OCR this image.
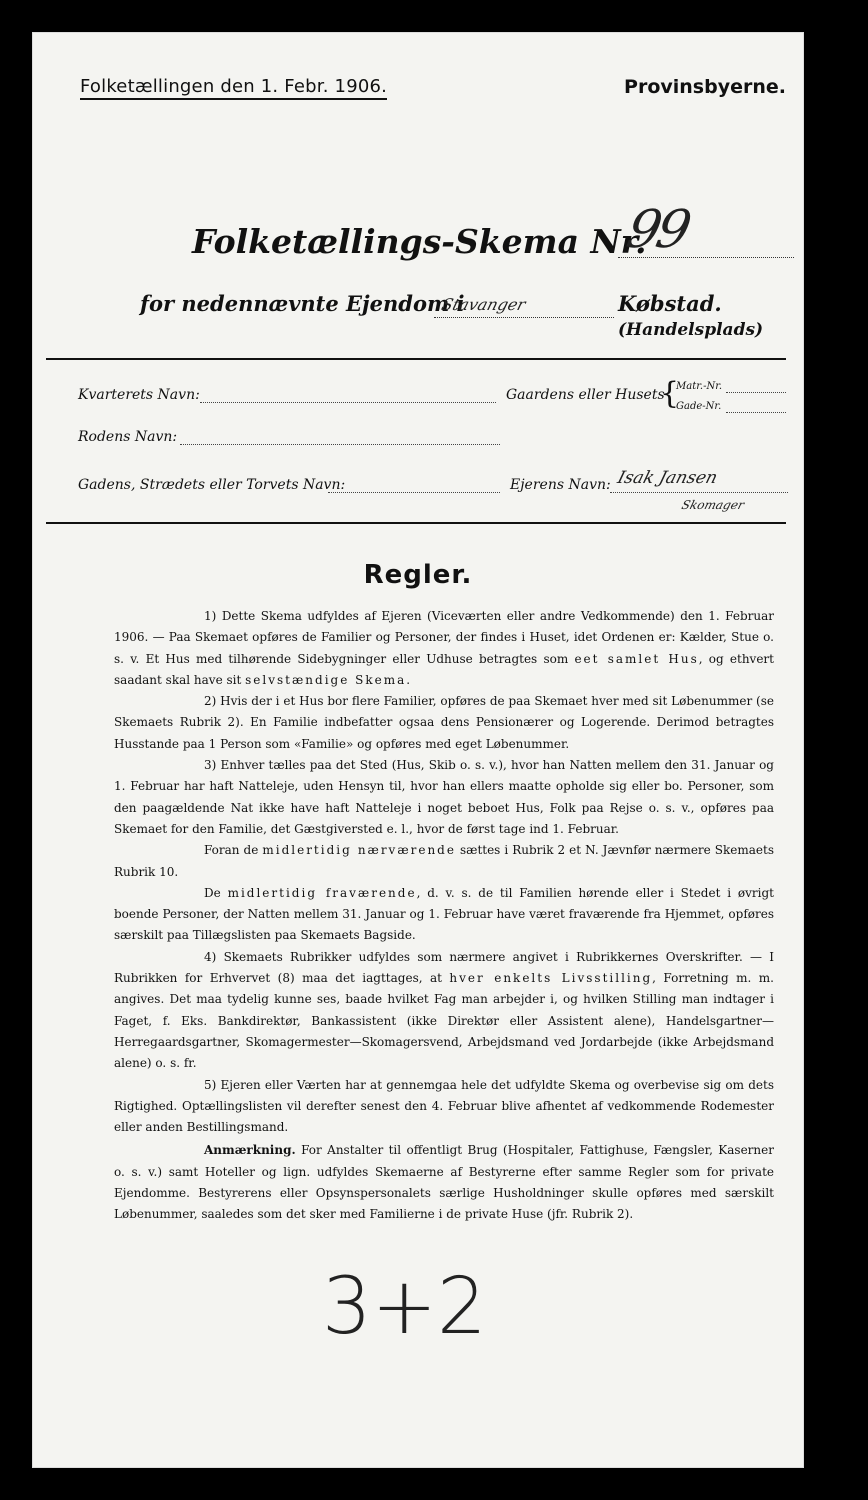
Folketællingen den 1. Febr. 1906.	Provinsbyerne.
Folketællings-Skema Nr.
99
for nedennævnte Ejendom i
Stavanger	Købstad.
(Handelsplads)
Kvarterets Navn:	Gaardens eller Husets
{
Matr.-Nr.
Gade-Nr.
Rodens Navn:
Gadens, Strædets eller Torvets Navn:	Ejerens Navn: Isak Jansen
Skomager
Regler.

1) Dette Skema udfyldes af Ejeren (Viceværten eller andre Vedkommende) den 1. Februar 1906. — Paa Skemaet opføres de Familier og Personer, der findes i Huset, idet Ordenen er: Kælder, Stue o. s. v. Et Hus med tilhørende Sidebygninger eller Udhuse betragtes som eet samlet Hus, og ethvert saadant skal have sit selvstændige Skema.

2) Hvis der i et Hus bor flere Familier, opføres de paa Skemaet hver med sit Løbenummer (se Skemaets Rubrik 2). En Familie indbefatter ogsaa dens Pensionærer og Logerende. Derimod betragtes Husstande paa 1 Person som «Familie» og opføres med eget Løbenummer.

3) Enhver tælles paa det Sted (Hus, Skib o. s. v.), hvor han Natten mellem den 31. Januar og 1. Februar har haft Natteleje, uden Hensyn til, hvor han ellers maatte opholde sig eller bo. Personer, som den paagældende Nat ikke have haft Natteleje i noget beboet Hus, Folk paa Rejse o. s. v., opføres paa Skemaet for den Familie, det Gæstgiversted e. l., hvor de først tage ind 1. Februar.

Foran de midlertidig nærværende sættes i Rubrik 2 et N. Jævnfør nærmere Skemaets Rubrik 10.

De midlertidig fraværende, d. v. s. de til Familien hørende eller i Stedet i øvrigt boende Personer, der Natten mellem 31. Januar og 1. Februar have været fraværende fra Hjemmet, opføres særskilt paa Tillægslisten paa Skemaets Bagside.

4) Skemaets Rubrikker udfyldes som nærmere angivet i Rubrikkernes Overskrifter. — I Rubrikken for Erhvervet (8) maa det iagttages, at hver enkelts Livsstilling, Forretning m. m. angives. Det maa tydelig kunne ses, baade hvilket Fag man arbejder i, og hvilken Stilling man indtager i Faget, f. Eks. Bankdirektør, Bankassistent (ikke Direktør eller Assistent alene), Handelsgartner—Herregaardsgartner, Skomagermester—Skomagersvend, Arbejdsmand ved Jordarbejde (ikke Arbejdsmand alene) o. s. fr.

5) Ejeren eller Værten har at gennemgaa hele det udfyldte Skema og overbevise sig om dets Rigtighed. Optællingslisten vil derefter senest den 4. Februar blive afhentet af vedkommende Rodemester eller anden Bestillingsmand.

Anmærkning. For Anstalter til offentligt Brug (Hospitaler, Fattighuse, Fængsler, Kaserner o. s. v.) samt Hoteller og lign. udfyldes Skemaerne af Bestyrerne efter samme Regler som for private Ejendomme. Bestyrerens eller Opsynspersonalets særlige Husholdninger skulle opføres med særskilt Løbenummer, saaledes som det sker med Familierne i de private Huse (jfr. Rubrik 2).

3+2
